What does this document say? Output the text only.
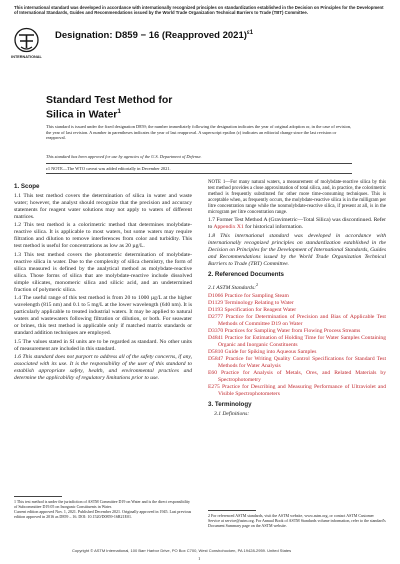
This international standard was developed in accordance with internationally recognized principles on standardization established in the Decision on Principles for the Development of International Standards, Guides and Recommendations issued by the World Trade Organization Technical Barriers to Trade (TBT) Committee.
INTERNATIONAL
Designation: D859 − 16 (Reapproved 2021)$^{\varepsilon 1}$
Standard Test Method for
Silica in Water$^1$
This standard is issued under the fixed designation D859; the number immediately following the designation indicates the year of original adoption or, in the case of revision, the year of last revision. A number in parentheses indicates the year of last reapproval. A superscript epsilon (ε) indicates an editorial change since the last revision or reapproval.
This standard has been approved for use by agencies of the U.S. Department of Defense.
ε1 NOTE—The WTO caveat was added editorially in December 2021.

1. Scope

1.1 This test method covers the determination of silica in water and waste water; however, the analyst should recognize that the precision and accuracy statements for reagent water solutions may not apply to waters of different matrices.

1.2 This test method is a colorimetric method that determines molybdate-reactive silica. It is applicable to most waters, but some waters may require filtration and dilution to remove interferences from color and turbidity. This test method is useful for concentrations as low as 20 µg/L.

1.3 This test method covers the photometric determination of molybdate-reactive silica in water. Due to the complexity of silica chemistry, the form of silica measured is defined by the analytical method as molybdate-reactive silica. Those forms of silica that are molybdate-reactive include dissolved simple silicates, monomeric silica and silicic acid, and an undetermined fraction of polymeric silica.

1.4 The useful range of this test method is from 20 to 1000 µg/L at the higher wavelength (815 nm) and 0.1 to 5 mg/L at the lower wavelength (640 nm). It is particularly applicable to treated industrial waters. It may be applied to natural waters and wastewaters following filtration or dilution, or both. For seawater or brines, this test method is applicable only if matched matrix standards or standard addition techniques are employed.

1.5 The values stated in SI units are to be regarded as standard. No other units of measurement are included in this standard.

1.6 This standard does not purport to address all of the safety concerns, if any, associated with its use. It is the responsibility of the user of this standard to establish appropriate safety, health, and environmental practices and determine the applicability of regulatory limitations prior to use.

1 This test method is under the jurisdiction of ASTM Committee D19 on Water and is the direct responsibility of Subcommittee D19.05 on Inorganic Constituents in Water.
Current edition approved Nov. 1, 2021. Published December 2021. Originally approved in 1945. Last previous edition approved in 2016 as D859 – 16. DOI: 10.1520/D0859-16R21E01.

NOTE 1—For many natural waters, a measurement of molybdate-reactive silica by this test method provides a close approximation of total silica, and, in practice, the colorimetric method is frequently substituted for other more time-consuming techniques. This is acceptable when, as frequently occurs, the molybdate-reactive silica is in the milligram per litre concentration range while the nonmolybdate-reactive silica, if present at all, is in the microgram per litre concentration range.

1.7 Former Test Method A (Gravimetric—Total Silica) was discontinued. Refer to Appendix X1 for historical information.

1.8 This international standard was developed in accordance with internationally recognized principles on standardization established in the Decision on Principles for the Development of International Standards, Guides and Recommendations issued by the World Trade Organization Technical Barriers to Trade (TBT) Committee.

2. Referenced Documents

2.1 ASTM Standards:$^2$

D1066 Practice for Sampling Steam

D1129 Terminology Relating to Water

D1193 Specification for Reagent Water

D2777 Practice for Determination of Precision and Bias of Applicable Test Methods of Committee D19 on Water

D3370 Practices for Sampling Water from Flowing Process Streams

D4841 Practice for Estimation of Holding Time for Water Samples Containing Organic and Inorganic Constituents

D5810 Guide for Spiking into Aqueous Samples

D5847 Practice for Writing Quality Control Specifications for Standard Test Methods for Water Analysis

E60 Practice for Analysis of Metals, Ores, and Related Materials by Spectrophotometry

E275 Practice for Describing and Measuring Performance of Ultraviolet and Visible Spectrophotometers

3. Terminology

3.1 Definitions:

2 For referenced ASTM standards, visit the ASTM website, www.astm.org, or contact ASTM Customer Service at service@astm.org. For Annual Book of ASTM Standards volume information, refer to the standard's Document Summary page on the ASTM website.
Copyright © ASTM International, 100 Barr Harbor Drive, PO Box C700, West Conshohocken, PA 19428-2959. United States
1
